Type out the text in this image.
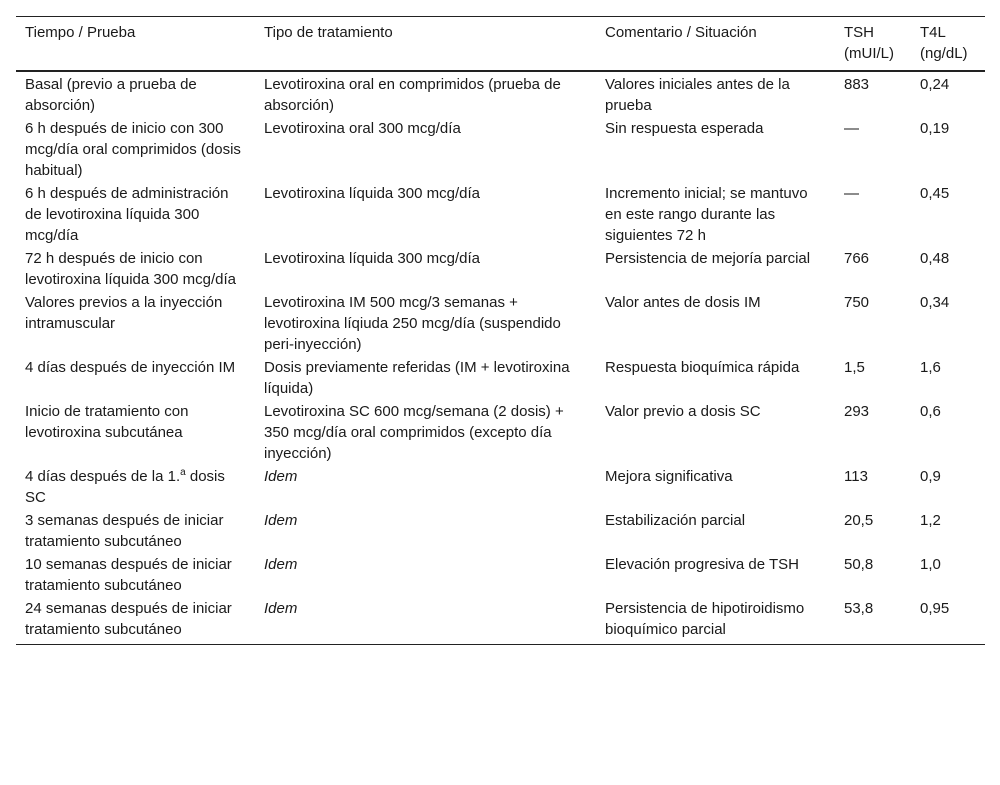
Tiempo / Prueba	Tipo de tratamiento	Comentario / Situación	TSH (mUI/L)	T4L (ng/dL)
Basal (previo a prueba de absorción)	Levotiroxina oral en comprimidos (prueba de absorción)	Valores iniciales antes de la prueba	883	0,24
6 h después de inicio con 300 mcg/día oral comprimidos (dosis habitual)	Levotiroxina oral 300 mcg/día	Sin respuesta esperada	—	0,19
6 h después de administración de levotiroxina líquida 300 mcg/día	Levotiroxina líquida 300 mcg/día	Incremento inicial; se mantuvo en este rango durante las siguientes 72 h	—	0,45
72 h después de inicio con levotiroxina líquida 300 mcg/día	Levotiroxina líquida 300 mcg/día	Persistencia de mejoría parcial	766	0,48
Valores previos a la inyección intramuscular	Levotiroxina IM 500 mcg/3 semanas + levotiroxina líqiuda 250 mcg/día (suspendido peri-inyección)	Valor antes de dosis IM	750	0,34
4 días después de inyección IM	Dosis previamente referidas (IM + levotiroxina líquida)	Respuesta bioquímica rápida	1,5	1,6
Inicio de tratamiento con levotiroxina subcutánea	Levotiroxina SC 600 mcg/semana (2 dosis) + 350 mcg/día oral comprimidos (excepto día inyección)	Valor previo a dosis SC	293	0,6
4 días después de la 1.$^a$ dosis SC	Idem	Mejora significativa	113	0,9
3 semanas después de iniciar tratamiento subcutáneo	Idem	Estabilización parcial	20,5	1,2
10 semanas después de iniciar tratamiento subcutáneo	Idem	Elevación progresiva de TSH	50,8	1,0
24 semanas después de iniciar tratamiento subcutáneo	Idem	Persistencia de hipotiroidismo bioquímico parcial	53,8	0,95
